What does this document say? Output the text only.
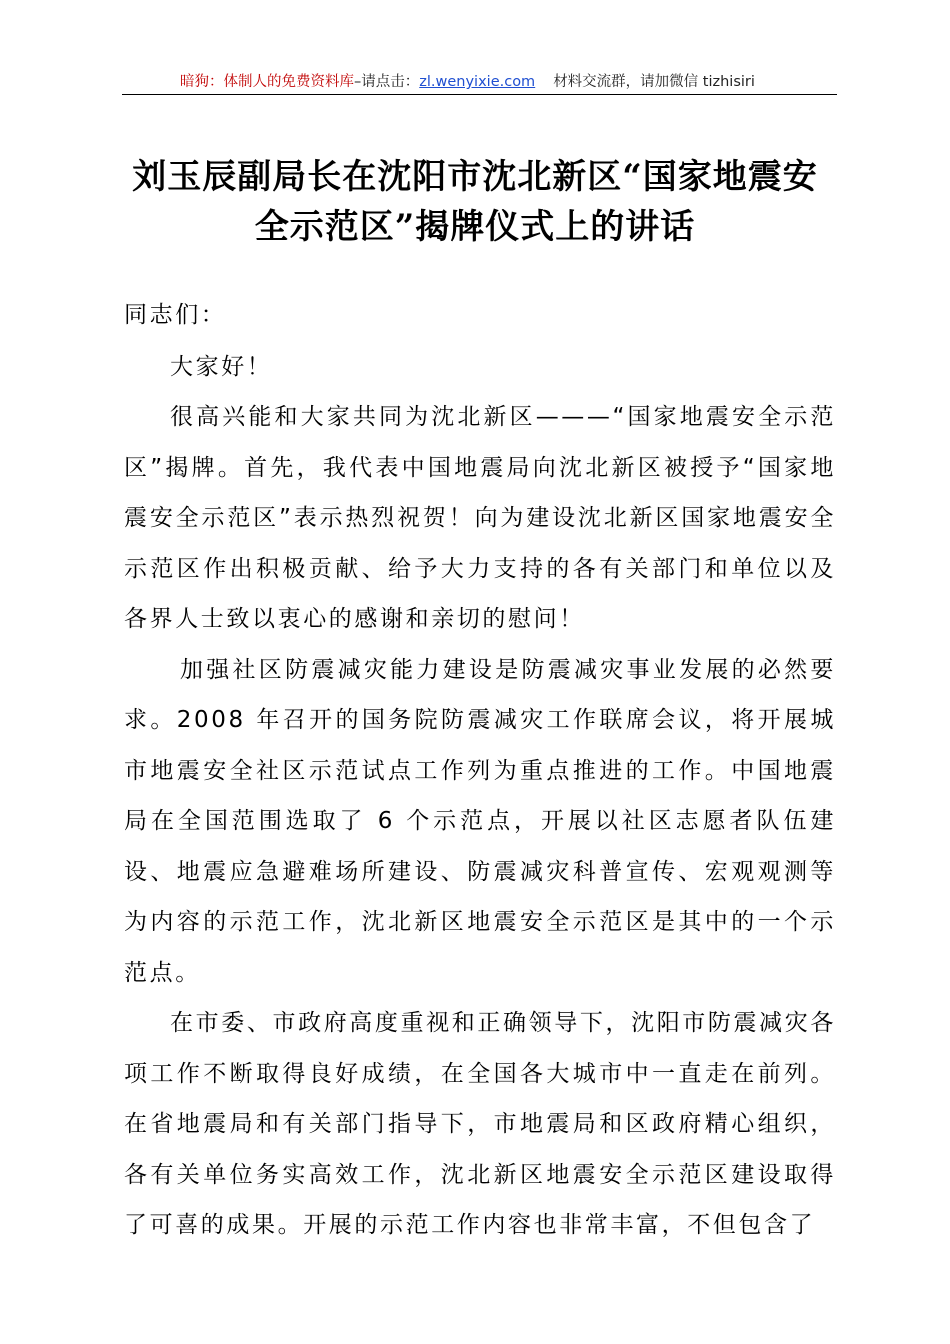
暗狗：体制人的免费资料库–请点击：zl.wenyixie.com 材料交流群，请加微信 tizhisiri
刘玉辰副局长在沈阳市沈北新区“国家地震安
全示范区”揭牌仪式上的讲话

同志们：

大家好！

很高兴能和大家共同为沈北新区———“国家地震安全示范区”揭牌。首先，我代表中国地震局向沈北新区被授予“国家地震安全示范区”表示热烈祝贺！向为建设沈北新区国家地震安全示范区作出积极贡献、给予大力支持的各有关部门和单位以及各界人士致以衷心的感谢和亲切的慰问！

加强社区防震减灾能力建设是防震减灾事业发展的必然要求。2008 年召开的国务院防震减灾工作联席会议，将开展城市地震安全社区示范试点工作列为重点推进的工作。中国地震局在全国范围选取了 6 个示范点，开展以社区志愿者队伍建设、地震应急避难场所建设、防震减灾科普宣传、宏观观测等为内容的示范工作，沈北新区地震安全示范区是其中的一个示范点。

在市委、市政府高度重视和正确领导下，沈阳市防震减灾各项工作不断取得良好成绩，在全国各大城市中一直走在前列。在省地震局和有关部门指导下，市地震局和区政府精心组织，各有关单位务实高效工作，沈北新区地震安全示范区建设取得了可喜的成果。开展的示范工作内容也非常丰富，不但包含了
